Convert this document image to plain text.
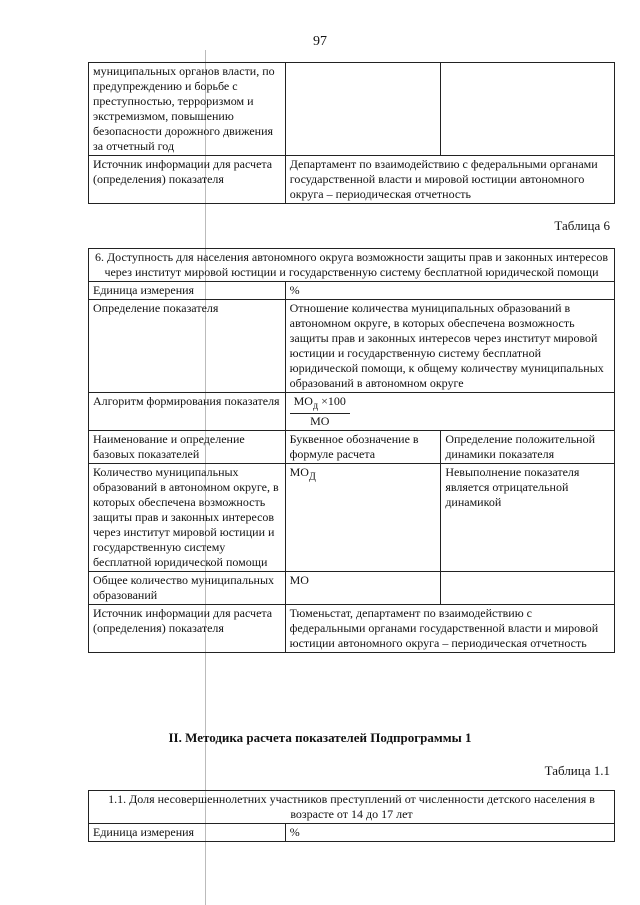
97
муниципальных органов власти, по предупреждению и борьбе с преступностью, терроризмом и экстремизмом, повышению безопасности дорожного движения за отчетный год		
Источник информации для расчета (определения) показателя	Департамент по взаимодействию с федеральными органами государственной власти и мировой юстиции автономного округа – периодическая отчетность	
Таблица 6
6. Доступность для населения автономного округа возможности защиты прав и законных интересов через институт мировой юстиции и государственную систему бесплатной юридической помощи		
Единица измерения	%	
Определение показателя	Отношение количества муниципальных образований в автономном округе, в которых обеспечена возможность защиты прав и законных интересов через институт мировой юстиции и государственную систему бесплатной юридической помощи, к общему количеству муниципальных образований в автономном округе	
Алгоритм формирования показателя	$\frac{МО_д \times 100}{МО}$

Наименование и определение базовых показателей	Буквенное обозначение в формуле расчета	Определение положительной динамики показателя
Количество муниципальных образований в автономном округе, в которых обеспечена возможность защиты прав и законных интересов через институт мировой юстиции и государственную систему бесплатной юридической помощи	$МО_Д$	Невыполнение показателя является отрицательной динамикой
Общее количество муниципальных образований	МО	
Источник информации для расчета (определения) показателя	Тюменьстат, департамент по взаимодействию с федеральными органами государственной власти и мировой юстиции автономного округа – периодическая отчетность	
II. Методика расчета показателей Подпрограммы 1
Таблица 1.1
1.1. Доля несовершеннолетних участников преступлений от численности детского населения в возрасте от 14 до 17 лет
Единица измерения	%
